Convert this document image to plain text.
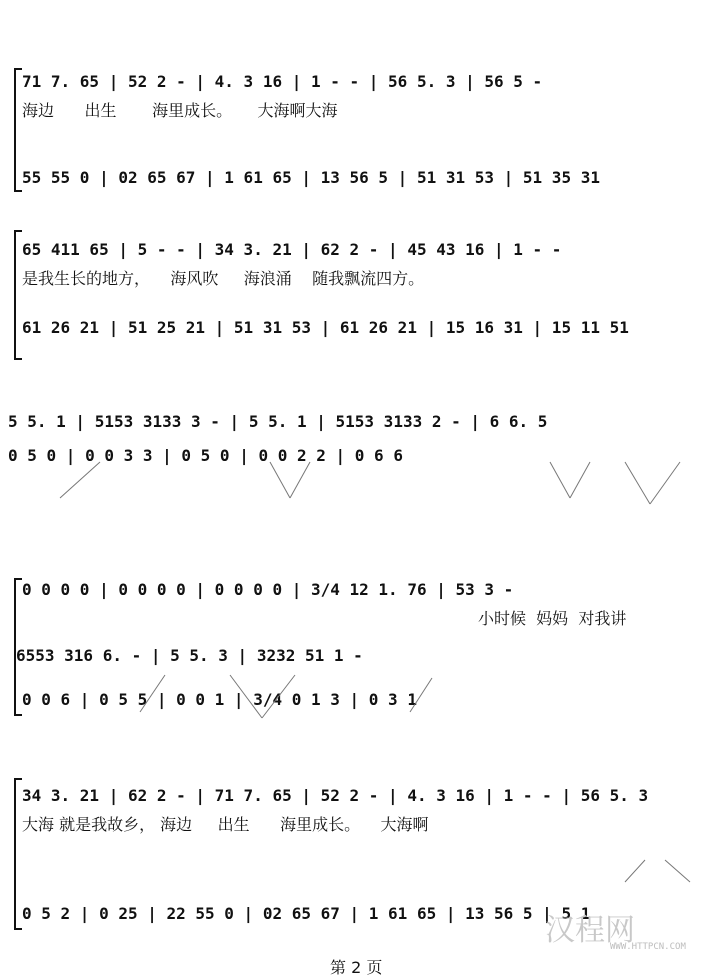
71 7. 65 | 52 2 - | 4. 3 16 | 1 - - | 56 5. 3 | 56 5 -
海边      出生       海里成长。     大海啊大海
55 55 0 | 02 65 67 | 1 61 65 | 13 56 5 | 51 31 53 | 51 35 31
65 411 65 | 5 - - | 34 3. 21 | 62 2 - | 45 43 16 | 1 - -
是我生长的地方，    海风吹     海浪涌    随我飘流四方。
61 26 21 | 51 25 21 | 51 31 53 | 61 26 21 | 15 16 31 | 15 11 51
5 5. 1 | 5153 3133 3 - | 5 5. 1 | 5153 3133 2 - | 6 6. 5
0 5 0 | 0 0 3 3 | 0 5 0 | 0 0 2 2 | 0 6 6
0 0 0 0 | 0 0 0 0 | 0 0 0 0 | 3/4 12 1. 76 | 53 3 -
小时候  妈妈  对我讲
6553 316 6. - | 5 5. 3 | 3232 51 1 -
0 0 6 | 0 5 5 | 0 0 1 | 3/4 0 1 3 | 0 3 1
34 3. 21 | 62 2 - | 71 7. 65 | 52 2 - | 4. 3 16 | 1 - - | 56 5. 3
大海 就是我故乡， 海边     出生      海里成长。    大海啊
0 5 2 | 0 25 | 22 55 0 | 02 65 67 | 1 61 65 | 13 56 5 | 5 1
汉程网
WWW.HTTPCN.COM
第 2 页
